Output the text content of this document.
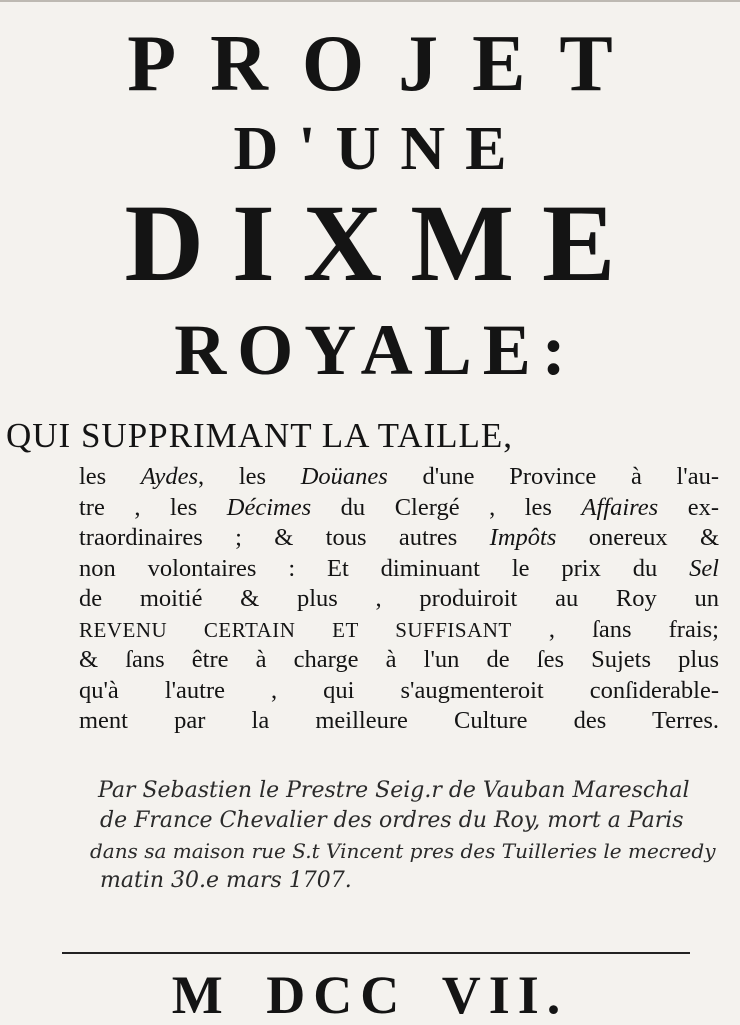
PROJET
D'UNE
DIXME
ROYALE:

QUI SUPPRIMANT LA TAILLE,

les Aydes, les Doüanes d'une Province à l'au-
tre , les Décimes du Clergé , les Affaires ex-
traordinaires ; & tous autres Impôts onereux &
non volontaires : Et diminuant le prix du Sel
de moitié & plus , produiroit au Roy un
REVENU CERTAIN ET SUFFISANT , ſans frais;
& ſans être à charge à l'un de ſes Sujets plus
qu'à l'autre , qui s'augmenteroit conſiderable-
ment par la meilleure Culture des Terres.

Par Sebastien le Prestre Seig.r de Vauban Mareschal
de France Chevalier des ordres du Roy, mort a Paris
dans sa maison rue S.t Vincent pres des Tuilleries le mecredy
matin 30.e mars 1707.

M DCC VII.
